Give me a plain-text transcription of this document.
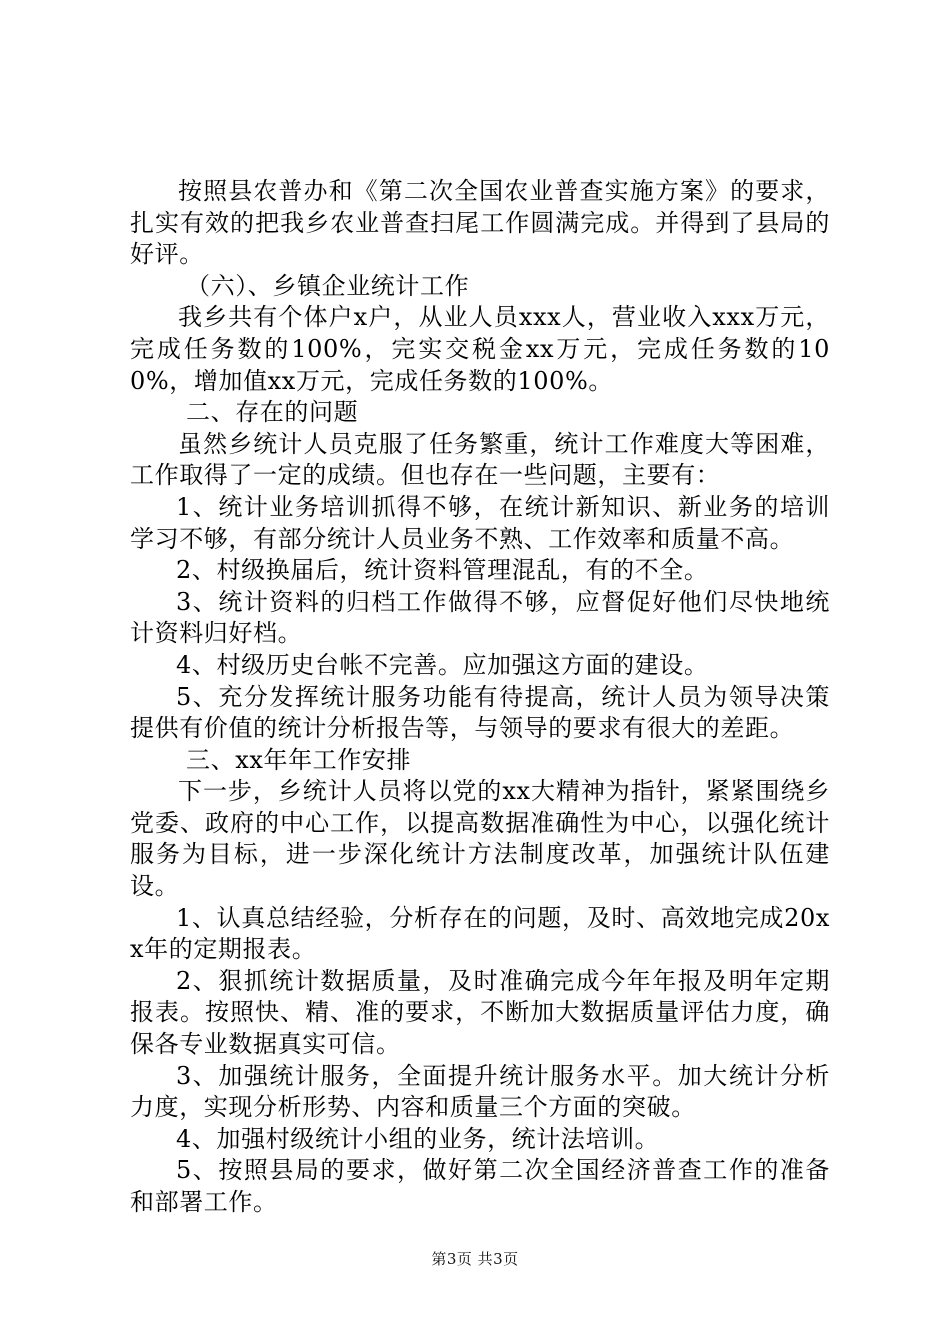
按照县农普办和《第二次全国农业普查实施方案》的要求，扎实有效的把我乡农业普查扫尾工作圆满完成。并得到了县局的好评。

（六）、乡镇企业统计工作

我乡共有个体户x户，从业人员xxx人，营业收入xxx万元，完成任务数的100%，完实交税金xx万元，完成任务数的100%，增加值xx万元，完成任务数的100%。

二、存在的问题

虽然乡统计人员克服了任务繁重，统计工作难度大等困难，工作取得了一定的成绩。但也存在一些问题，主要有：

1、统计业务培训抓得不够，在统计新知识、新业务的培训学习不够，有部分统计人员业务不熟、工作效率和质量不高。

2、村级换届后，统计资料管理混乱，有的不全。

3、统计资料的归档工作做得不够，应督促好他们尽快地统计资料归好档。

4、村级历史台帐不完善。应加强这方面的建设。

5、充分发挥统计服务功能有待提高，统计人员为领导决策提供有价值的统计分析报告等，与领导的要求有很大的差距。

三、xx年年工作安排

下一步，乡统计人员将以党的xx大精神为指针，紧紧围绕乡党委、政府的中心工作，以提高数据准确性为中心，以强化统计服务为目标，进一步深化统计方法制度改革，加强统计队伍建设。

1、认真总结经验，分析存在的问题，及时、高效地完成20xx年的定期报表。

2、狠抓统计数据质量，及时准确完成今年年报及明年定期报表。按照快、精、准的要求，不断加大数据质量评估力度，确保各专业数据真实可信。

3、加强统计服务，全面提升统计服务水平。加大统计分析力度，实现分析形势、内容和质量三个方面的突破。

4、加强村级统计小组的业务，统计法培训。

5、按照县局的要求，做好第二次全国经济普查工作的准备和部署工作。

第3页 共3页
